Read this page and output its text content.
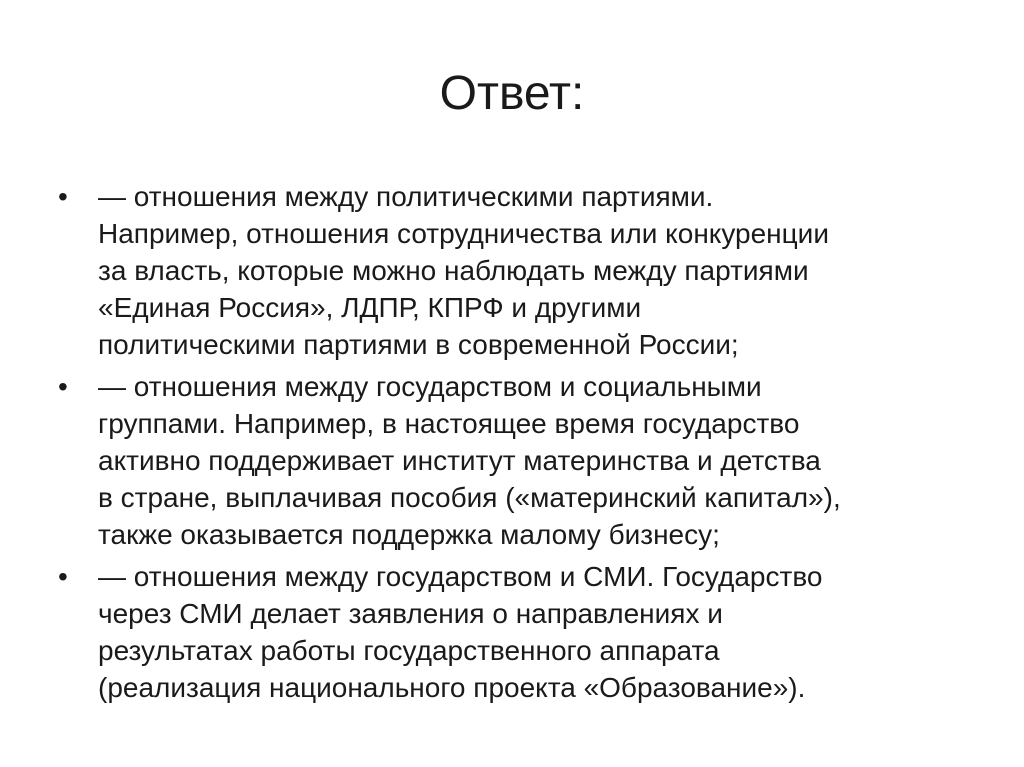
Ответ:
• — отношения между политическими партиями.
Например, отношения сотрудничества или конкуренции
за власть, которые можно наблюдать между партиями
«Единая Россия», ЛДПР, КПРФ и другими
политическими партиями в современной России;
• — отношения между государством и социальными
группами. Например, в настоящее время государство
активно поддерживает институт материнства и детства
в стране, выплачивая пособия («материнский капитал»),
также оказывается поддержка малому бизнесу;
• — отношения между государством и СМИ. Государство
через СМИ делает заявления о направлениях и
результатах работы государственного аппарата
(реализация национального проекта «Образование»).
